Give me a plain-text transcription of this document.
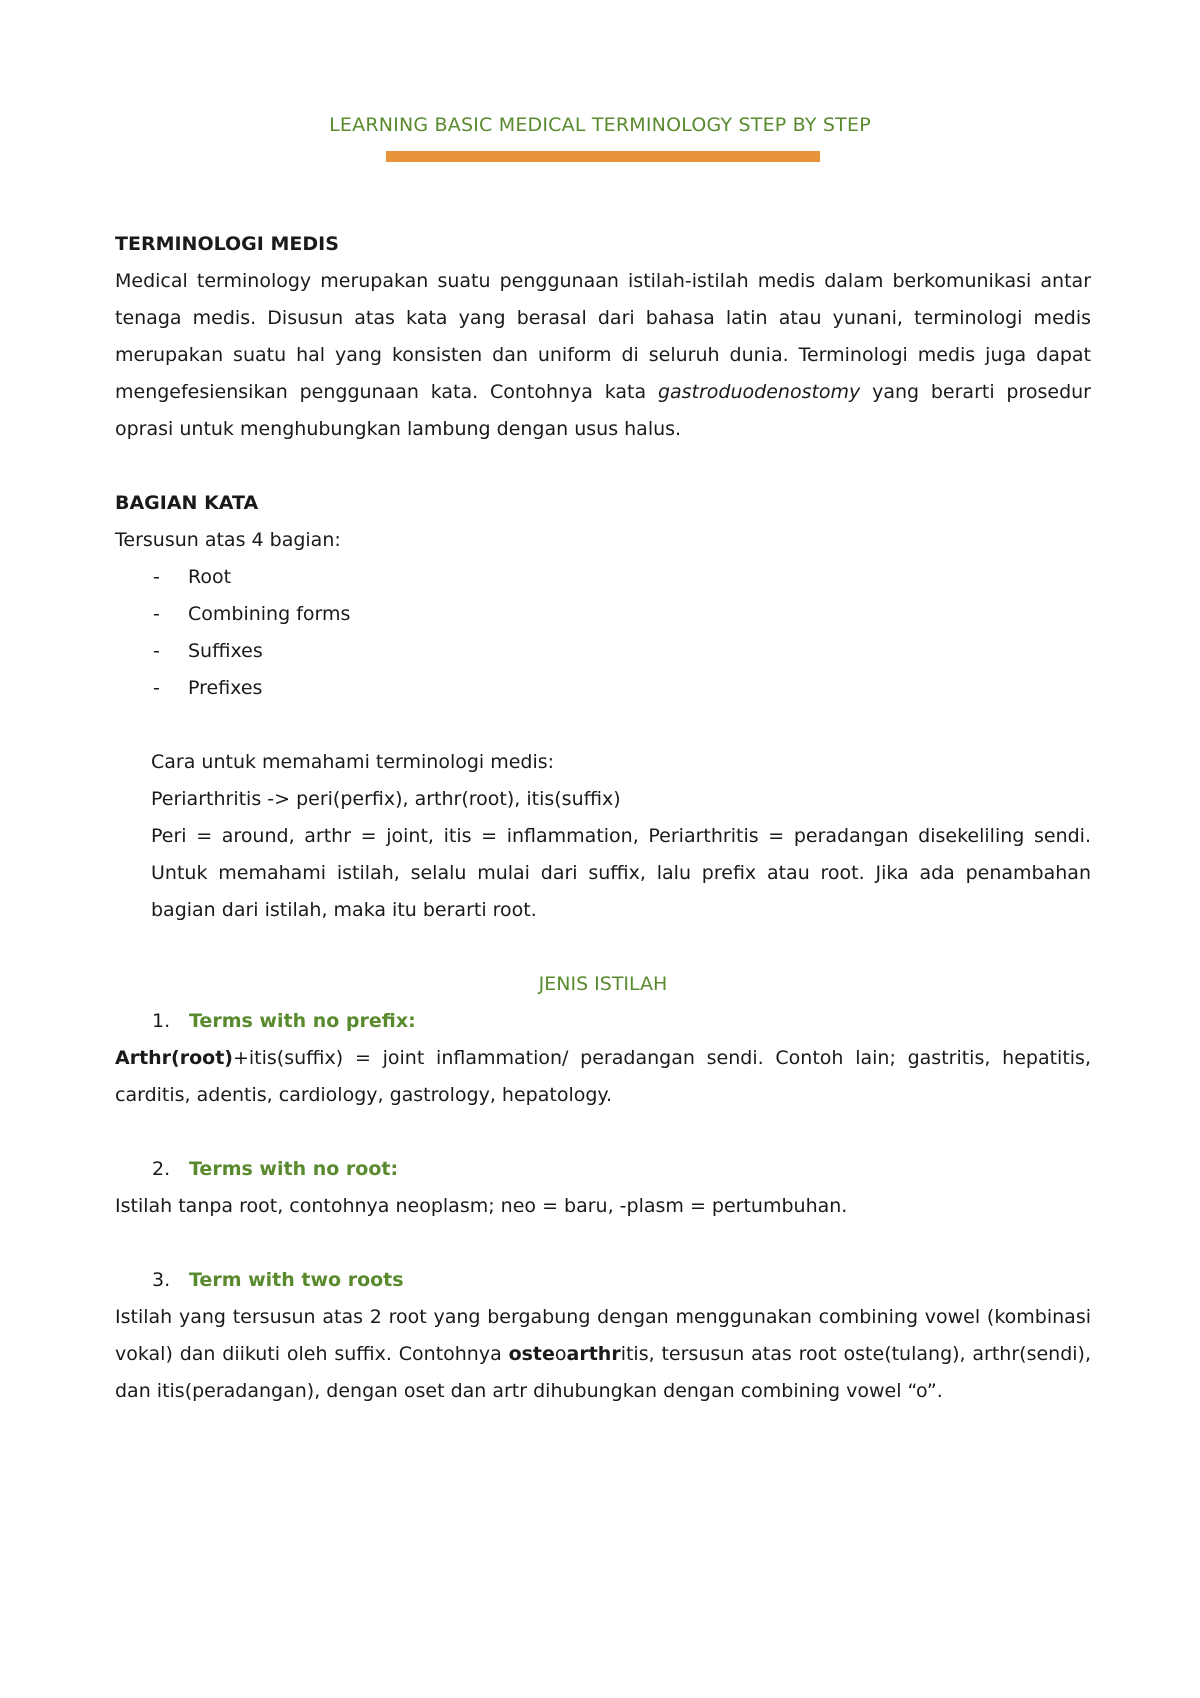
LEARNING BASIC MEDICAL TERMINOLOGY STEP BY STEP

TERMINOLOGI MEDIS

Medical terminology merupakan suatu penggunaan istilah-istilah medis dalam berkomunikasi antar tenaga medis. Disusun atas kata yang berasal dari bahasa latin atau yunani, terminologi medis merupakan suatu hal yang konsisten dan uniform di seluruh dunia. Terminologi medis juga dapat mengefesiensikan penggunaan kata. Contohnya kata gastroduodenostomy yang berarti prosedur oprasi untuk menghubungkan lambung dengan usus halus.

BAGIAN KATA

Tersusun atas 4 bagian:

- Root
- Combining forms
- Suffixes
- Prefixes

Cara untuk memahami terminologi medis:

Periarthritis -> peri(perfix), arthr(root), itis(suffix)

Peri = around, arthr = joint, itis = inflammation, Periarthritis = peradangan disekeliling sendi. Untuk memahami istilah, selalu mulai dari suffix, lalu prefix atau root. Jika ada penambahan bagian dari istilah, maka itu berarti root.

JENIS ISTILAH

1. Terms with no prefix:

Arthr(root)+itis(suffix) = joint inflammation/ peradangan sendi. Contoh lain; gastritis, hepatitis, carditis, adentis, cardiology, gastrology, hepatology.

2. Terms with no root:

Istilah tanpa root, contohnya neoplasm; neo = baru, -plasm = pertumbuhan.

3. Term with two roots

Istilah yang tersusun atas 2 root yang bergabung dengan menggunakan combining vowel (kombinasi vokal) dan diikuti oleh suffix. Contohnya osteoarthritis, tersusun atas root oste(tulang), arthr(sendi), dan itis(peradangan), dengan oset dan artr dihubungkan dengan combining vowel “o”.
